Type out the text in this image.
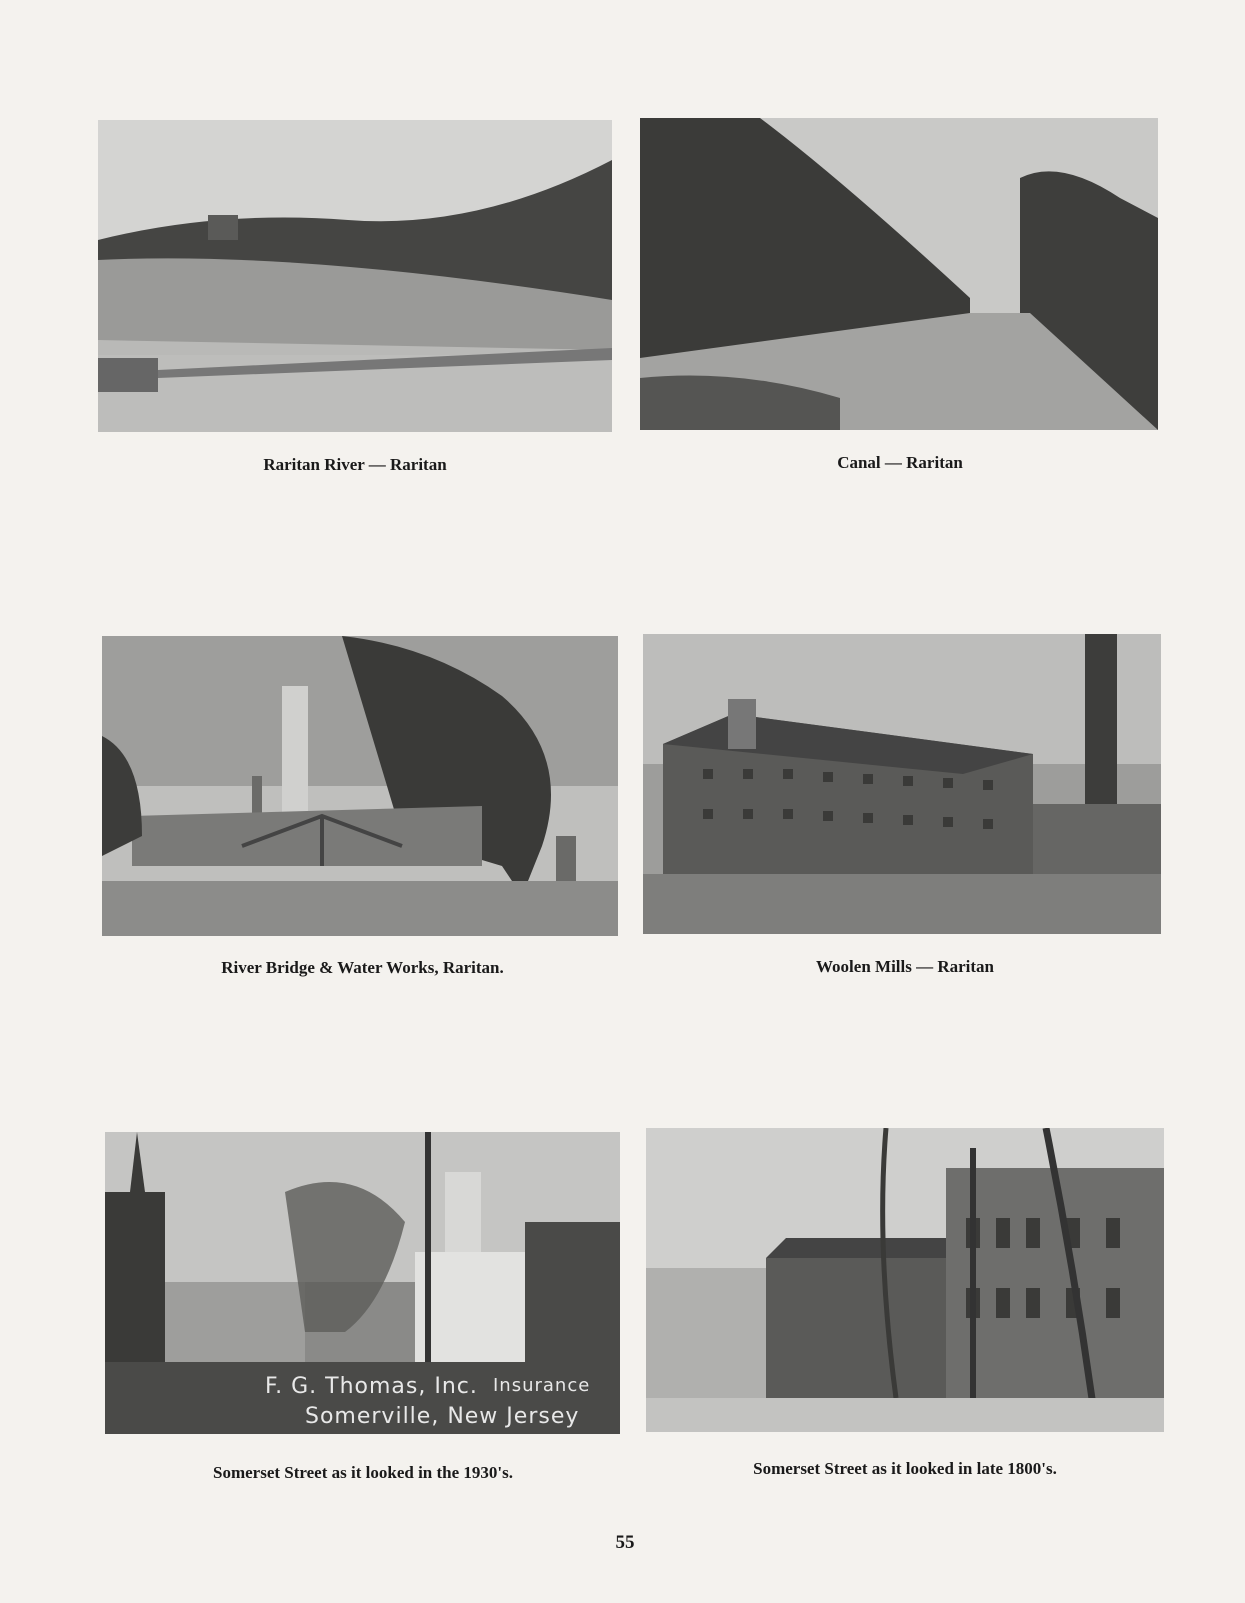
Raritan River — Raritan	Canal — Raritan
River Bridge & Water Works, Raritan.	Woolen Mills — Raritan
F. G. Thomas, Inc. Insurance
Somerville, New Jersey
Somerset Street as it looked in the 1930's.	Somerset Street as it looked in late 1800's.
55
